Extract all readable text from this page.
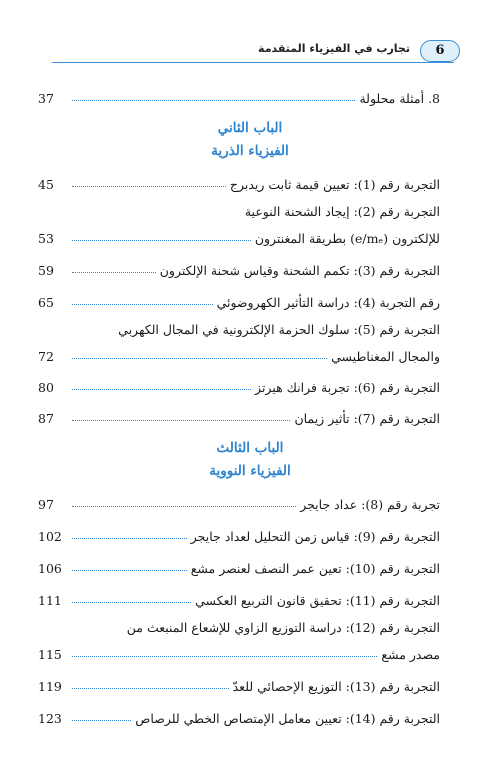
تجارب في الفيزياء المتقدمة	6
37	8. أمثلة محلولة
الباب الثاني
الفيزياء الذرية
45	التجربة رقم (1): تعيين قيمة ثابت ريدبرج
التجربة رقم (2): إيجاد الشحنة النوعية
53	للإلكترون (e/mₑ) بطريقة المغنترون
59	التجربة رقم (3): تكمم الشحنة وقياس شحنة الإلكترون
65	رقم التجربة (4): دراسة التأثير الكهروضوئي
التجربة رقم (5): سلوك الحزمة الإلكترونية في المجال الكهربي
72	والمجال المغناطيسي
80	التجربة رقم (6): تجربة فرانك هيرتز
87	التجربة رقم (7): تأثير زيمان
الباب الثالث
الفيزياء النووية
97	تجربة رقم (8): عداد جايجر
102	التجربة رقم (9): قياس زمن التحليل لعداد جايجر
106	التجربة رقم (10): تعين عمر النصف لعنصر مشع
111	التجربة رقم (11): تحقيق قانون التربيع العكسي
التجربة رقم (12): دراسة التوزيع الزاوي للإشعاع المنبعث من
115	مصدر مشع
119	التجربة رقم (13): التوزيع الإحصائي للعدّ
123	التجربة رقم (14): تعيين معامل الإمتصاص الخطي للرصاص
